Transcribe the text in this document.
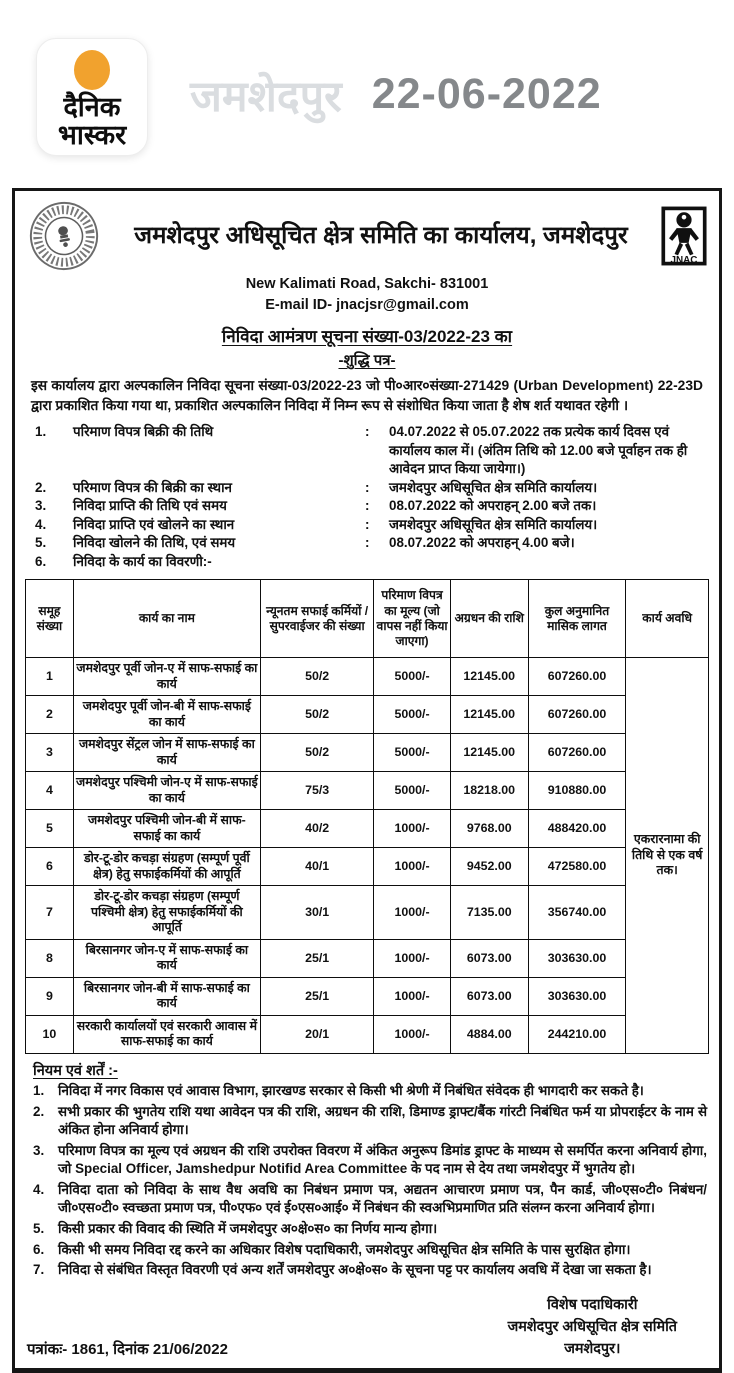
दैनिक
भास्कर
जमशेदपुर 22-06-2022
जमशेदपुर अधिसूचित क्षेत्र समिति का कार्यालय, जमशेदपुर
JNAC
New Kalimati Road, Sakchi- 831001
E-mail ID- jnacjsr@gmail.com
निविदा आमंत्रण सूचना संख्या-03/2022-23 का
-शुद्धि पत्र-

इस कार्यालय द्वारा अल्पकालिन निविदा सूचना संख्या-03/2022-23 जो पी०आर०संख्या-271429 (Urban Development) 22-23D द्वारा प्रकाशित किया गया था, प्रकाशित अल्पकालिन निविदा में निम्न रूप से संशोधित किया जाता है शेष शर्त यथावत रहेगी ।

1.	परिमाण विपत्र बिक्री की तिथि	:	04.07.2022 से 05.07.2022 तक प्रत्येक कार्य दिवस एवं कार्यालय काल में। (अंतिम तिथि को 12.00 बजे पूर्वाहन तक ही आवेदन प्राप्त किया जायेगा।)
2.	परिमाण विपत्र की बिक्री का स्थान	:	जमशेदपुर अधिसूचित क्षेत्र समिति कार्यालय।
3.	निविदा प्राप्ति की तिथि एवं समय	:	08.07.2022 को अपराहन् 2.00 बजे तक।
4.	निविदा प्राप्ति एवं खोलने का स्थान	:	जमशेदपुर अधिसूचित क्षेत्र समिति कार्यालय।
5.	निविदा खोलने की तिथि, एवं समय	:	08.07.2022 को अपराहन् 4.00 बजे।
6.	निविदा के कार्य का विवरणी:-
समूह संख्या	कार्य का नाम	न्यूनतम सफाई कर्मियों / सुपरवाईजर की संख्या	परिमाण विपत्र का मूल्य (जो वापस नहीं किया जाएगा)	अग्रधन की राशि	कुल अनुमानित मासिक लागत	कार्य अवधि
1	जमशेदपुर पूर्वी जोन-ए में साफ-सफाई का कार्य	50/2	5000/-	12145.00	607260.00	एकरारनामा की तिथि से एक वर्ष तक।
2	जमशेदपुर पूर्वी जोन-बी में साफ-सफाई का कार्य	50/2	5000/-	12145.00	607260.00	
3	जमशेदपुर सेंट्रल जोन में साफ-सफाई का कार्य	50/2	5000/-	12145.00	607260.00	
4	जमशेदपुर पश्चिमी जोन-ए में साफ-सफाई का कार्य	75/3	5000/-	18218.00	910880.00	
5	जमशेदपुर पश्चिमी जोन-बी में साफ-सफाई का कार्य	40/2	1000/-	9768.00	488420.00	
6	डोर-टू-डोर कचड़ा संग्रहण (सम्पूर्ण पूर्वी क्षेत्र) हेतु सफाईकर्मियों की आपूर्ति	40/1	1000/-	9452.00	472580.00	
7	डोर-टू-डोर कचड़ा संग्रहण (सम्पूर्ण पश्चिमी क्षेत्र) हेतु सफाईकर्मियों की आपूर्ति	30/1	1000/-	7135.00	356740.00	
8	बिरसानगर जोन-ए में साफ-सफाई का कार्य	25/1	1000/-	6073.00	303630.00	
9	बिरसानगर जोन-बी में साफ-सफाई का कार्य	25/1	1000/-	6073.00	303630.00	
10	सरकारी कार्यालयों एवं सरकारी आवास में साफ-सफाई का कार्य	20/1	1000/-	4884.00	244210.00	
नियम एवं शर्तें :-
1.	निविदा में नगर विकास एवं आवास विभाग, झारखण्ड सरकार से किसी भी श्रेणी में निबंधित संवेदक ही भागदारी कर सकते है।
2.	सभी प्रकार की भुगतेय राशि यथा आवेदन पत्र की राशि, अग्रधन की राशि, डिमाण्ड ड्राफ्ट/बैंक गांरटी निबंधित फर्म या प्रोपराईटर के नाम से अंकित होना अनिवार्य होगा।
3.	परिमाण विपत्र का मूल्य एवं अग्रधन की राशि उपरोक्त विवरण में अंकित अनुरूप डिमांड ड्राफ्ट के माध्यम से समर्पित करना अनिवार्य होगा, जो Special Officer, Jamshedpur Notifid Area Committee के पद नाम से देय तथा जमशेदपुर में भुगतेय हो।
4.	निविदा दाता को निविदा के साथ वैध अवधि का निबंधन प्रमाण पत्र, अद्यतन आचारण प्रमाण पत्र, पैन कार्ड, जी०एस०टी० निबंधन/जी०एस०टी० स्वच्छता प्रमाण पत्र, पी०एफ० एवं ई०एस०आई० में निबंधन की स्वअभिप्रमाणित प्रति संलग्न करना अनिवार्य होगा।
5.	किसी प्रकार की विवाद की स्थिति में जमशेदपुर अ०क्षे०स० का निर्णय मान्य होगा।
6.	किसी भी समय निविदा रद्द करने का अधिकार विशेष पदाधिकारी, जमशेदपुर अधिसूचित क्षेत्र समिति के पास सुरक्षित होगा।
7.	निविदा से संबंधित विस्तृत विवरणी एवं अन्य शर्तें जमशेदपुर अ०क्षे०स० के सूचना पट्ट पर कार्यालय अवधि में देखा जा सकता है।
पत्रांकः- 1861, दिनांक 21/06/2022
विशेष पदाधिकारी
जमशेदपुर अधिसूचित क्षेत्र समिति
जमशेदपुर।
